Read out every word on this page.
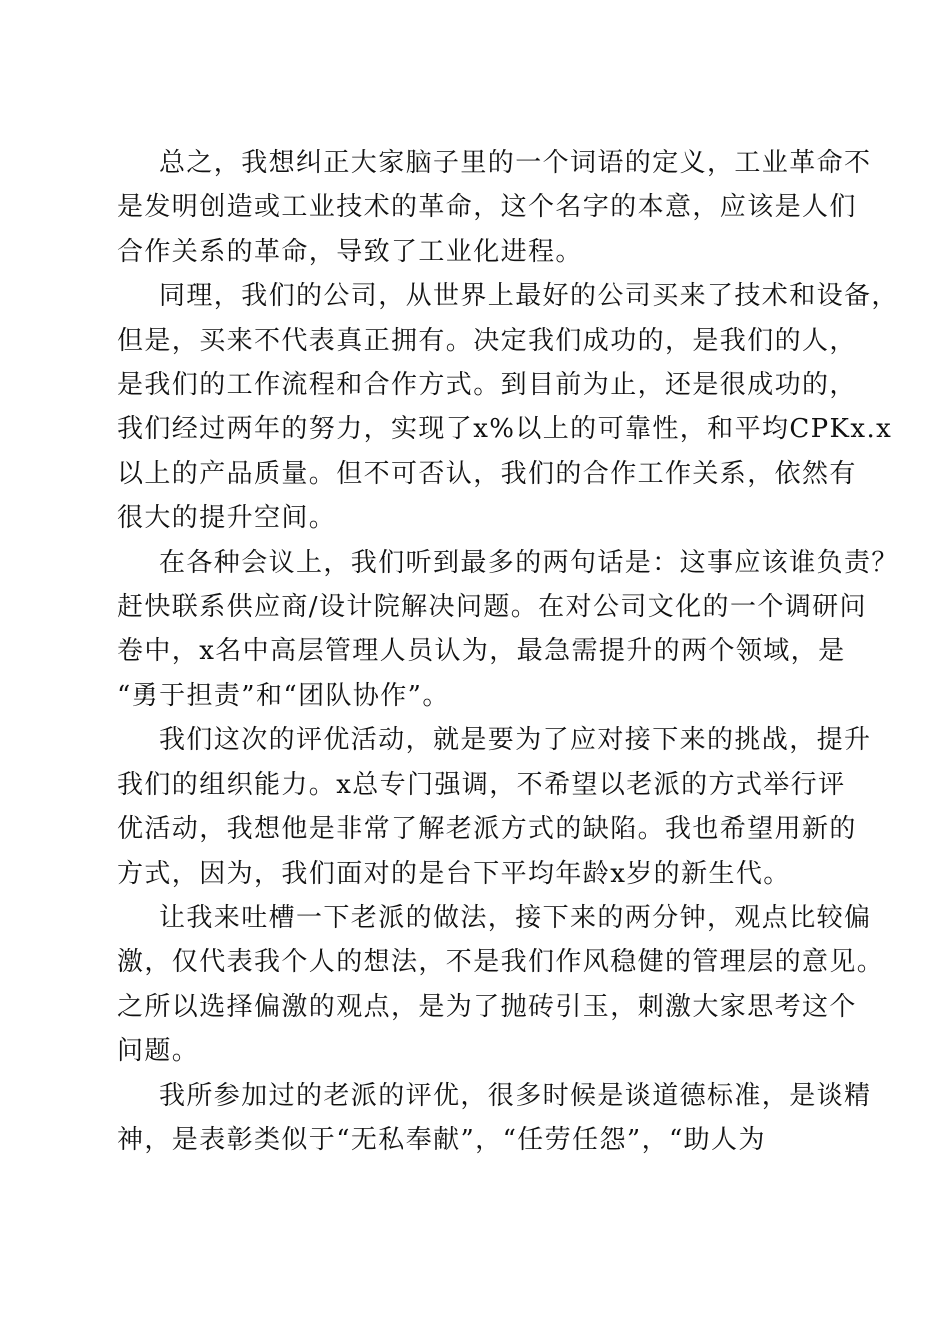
总之，我想纠正大家脑子里的一个词语的定义，工业革命不
是发明创造或工业技术的革命，这个名字的本意，应该是人们
合作关系的革命，导致了工业化进程。
同理，我们的公司，从世界上最好的公司买来了技术和设备，
但是，买来不代表真正拥有。决定我们成功的，是我们的人，
是我们的工作流程和合作方式。到目前为止，还是很成功的，
我们经过两年的努力，实现了x%以上的可靠性，和平均CPKx.x
以上的产品质量。但不可否认，我们的合作工作关系，依然有
很大的提升空间。
在各种会议上，我们听到最多的两句话是：这事应该谁负责？
赶快联系供应商/设计院解决问题。在对公司文化的一个调研问
卷中，x名中高层管理人员认为，最急需提升的两个领域，是
“勇于担责”和“团队协作”。
我们这次的评优活动，就是要为了应对接下来的挑战，提升
我们的组织能力。x总专门强调，不希望以老派的方式举行评
优活动，我想他是非常了解老派方式的缺陷。我也希望用新的
方式，因为，我们面对的是台下平均年龄x岁的新生代。
让我来吐槽一下老派的做法，接下来的两分钟，观点比较偏
激，仅代表我个人的想法，不是我们作风稳健的管理层的意见。
之所以选择偏激的观点，是为了抛砖引玉，刺激大家思考这个
问题。
我所参加过的老派的评优，很多时候是谈道德标准，是谈精
神，是表彰类似于“无私奉献”，“任劳任怨”，“助人为
